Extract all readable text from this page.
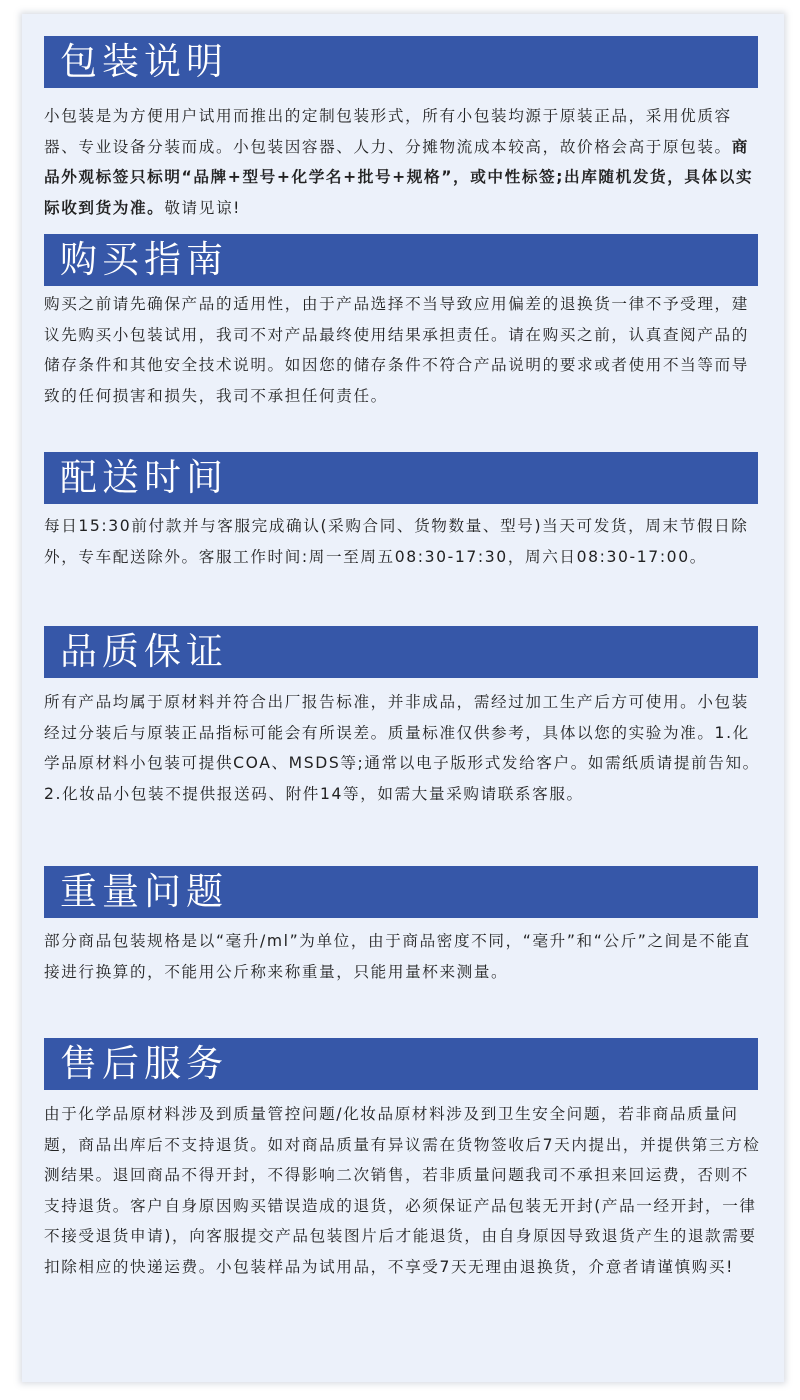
包装说明
小包装是为方便用户试用而推出的定制包装形式，所有小包装均源于原装正品，采用优质容器、专业设备分装而成。小包装因容器、人力、分摊物流成本较高，故价格会高于原包装。商品外观标签只标明“品牌+型号+化学名+批号+规格”，或中性标签;出库随机发货，具体以实际收到货为准。敬请见谅!
购买指南
购买之前请先确保产品的适用性，由于产品选择不当导致应用偏差的退换货一律不予受理，建议先购买小包装试用，我司不对产品最终使用结果承担责任。请在购买之前，认真查阅产品的储存条件和其他安全技术说明。如因您的储存条件不符合产品说明的要求或者使用不当等而导致的任何损害和损失，我司不承担任何责任。
配送时间
每日15:30前付款并与客服完成确认(采购合同、货物数量、型号)当天可发货，周末节假日除外，专车配送除外。客服工作时间:周一至周五08:30-17:30，周六日08:30-17:00。
品质保证
所有产品均属于原材料并符合出厂报告标准，并非成品，需经过加工生产后方可使用。小包装经过分装后与原装正品指标可能会有所误差。质量标准仅供参考，具体以您的实验为准。1.化学品原材料小包装可提供COA、MSDS等;通常以电子版形式发给客户。如需纸质请提前告知。2.化妆品小包装不提供报送码、附件14等，如需大量采购请联系客服。
重量问题
部分商品包装规格是以“毫升/ml”为单位，由于商品密度不同，“毫升”和“公斤”之间是不能直接进行换算的，不能用公斤称来称重量，只能用量杯来测量。
售后服务
由于化学品原材料涉及到质量管控问题/化妆品原材料涉及到卫生安全问题，若非商品质量问题，商品出库后不支持退货。如对商品质量有异议需在货物签收后7天内提出，并提供第三方检测结果。退回商品不得开封，不得影响二次销售，若非质量问题我司不承担来回运费，否则不支持退货。客户自身原因购买错误造成的退货，必须保证产品包装无开封(产品一经开封，一律不接受退货申请)，向客服提交产品包装图片后才能退货，由自身原因导致退货产生的退款需要扣除相应的快递运费。小包装样品为试用品，不享受7天无理由退换货，介意者请谨慎购买!
